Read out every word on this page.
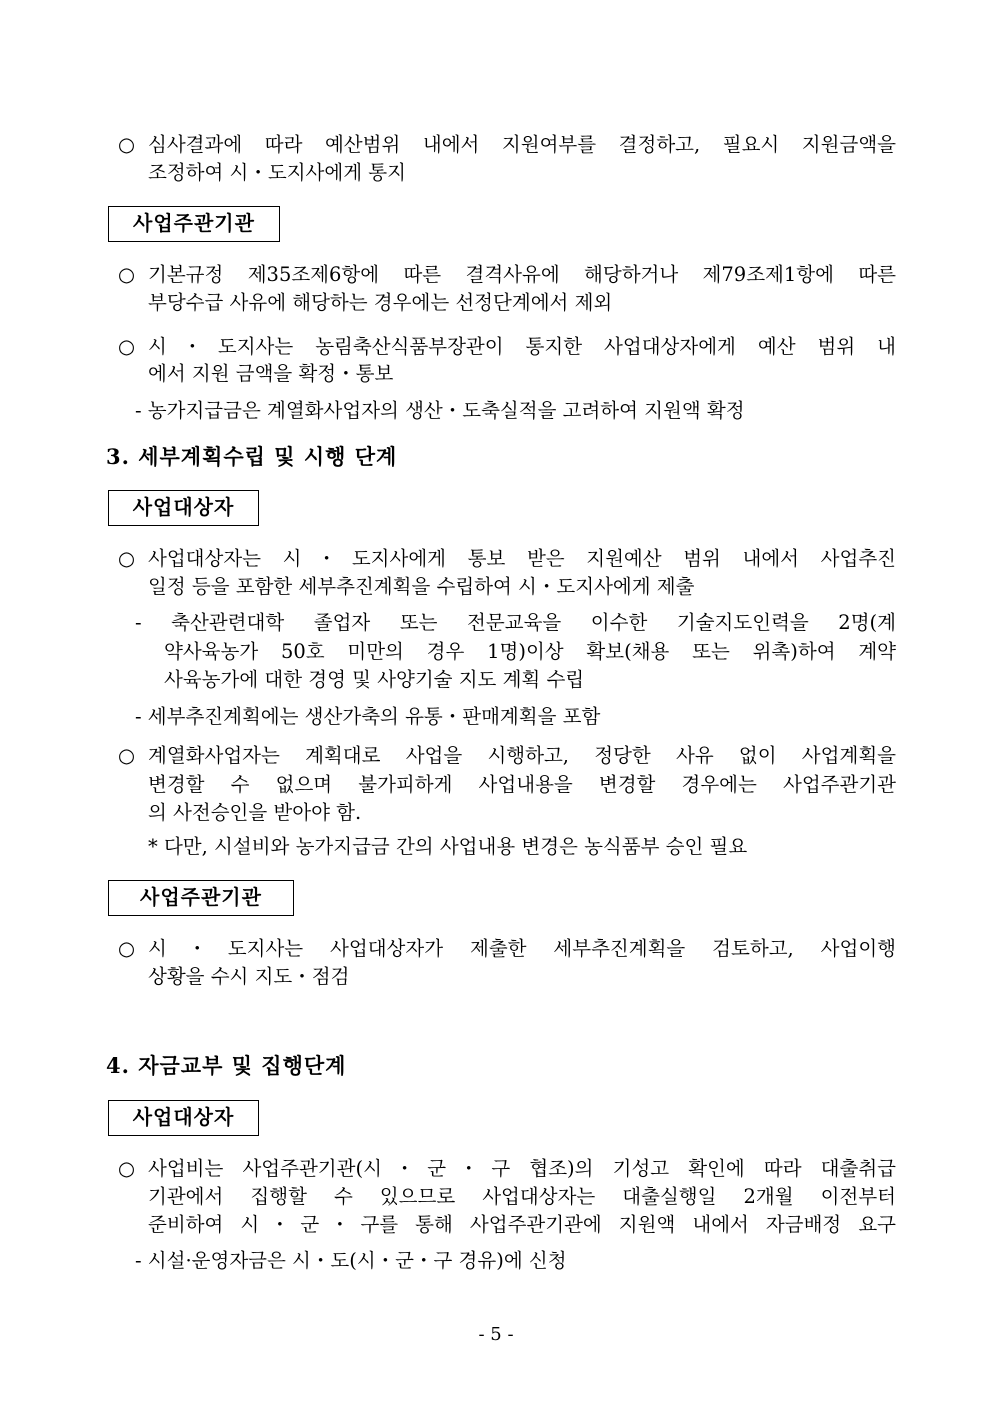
○ 심사결과에 따라 예산범위 내에서 지원여부를 결정하고, 필요시 지원금액을
조정하여 시・도지사에게 통지
사업주관기관
○ 기본규정 제35조제6항에 따른 결격사유에 해당하거나 제79조제1항에 따른
부당수급 사유에 해당하는 경우에는 선정단계에서 제외
○ 시・도지사는 농림축산식품부장관이 통지한 사업대상자에게 예산 범위 내
에서 지원 금액을 확정・통보
- 농가지급금은 계열화사업자의 생산・도축실적을 고려하여 지원액 확정
3. 세부계획수립 및 시행 단계
사업대상자
○ 사업대상자는 시・도지사에게 통보 받은 지원예산 범위 내에서 사업추진
일정 등을 포함한 세부추진계획을 수립하여 시・도지사에게 제출
- 축산관련대학 졸업자 또는 전문교육을 이수한 기술지도인력을 2명(계
약사육농가 50호 미만의 경우 1명)이상 확보(채용 또는 위촉)하여 계약
사육농가에 대한 경영 및 사양기술 지도 계획 수립
- 세부추진계획에는 생산가축의 유통・판매계획을 포함
○ 계열화사업자는 계획대로 사업을 시행하고, 정당한 사유 없이 사업계획을
변경할 수 없으며 불가피하게 사업내용을 변경할 경우에는 사업주관기관
의 사전승인을 받아야 함.
* 다만, 시설비와 농가지급금 간의 사업내용 변경은 농식품부 승인 필요
사업주관기관
○ 시・도지사는 사업대상자가 제출한 세부추진계획을 검토하고, 사업이행
상황을 수시 지도・점검
4. 자금교부 및 집행단계
사업대상자
○ 사업비는 사업주관기관(시・군・구 협조)의 기성고 확인에 따라 대출취급
기관에서 집행할 수 있으므로 사업대상자는 대출실행일 2개월 이전부터
준비하여 시・군・구를 통해 사업주관기관에 지원액 내에서 자금배정 요구
- 시설·운영자금은 시・도(시・군・구 경유)에 신청
- 5 -
